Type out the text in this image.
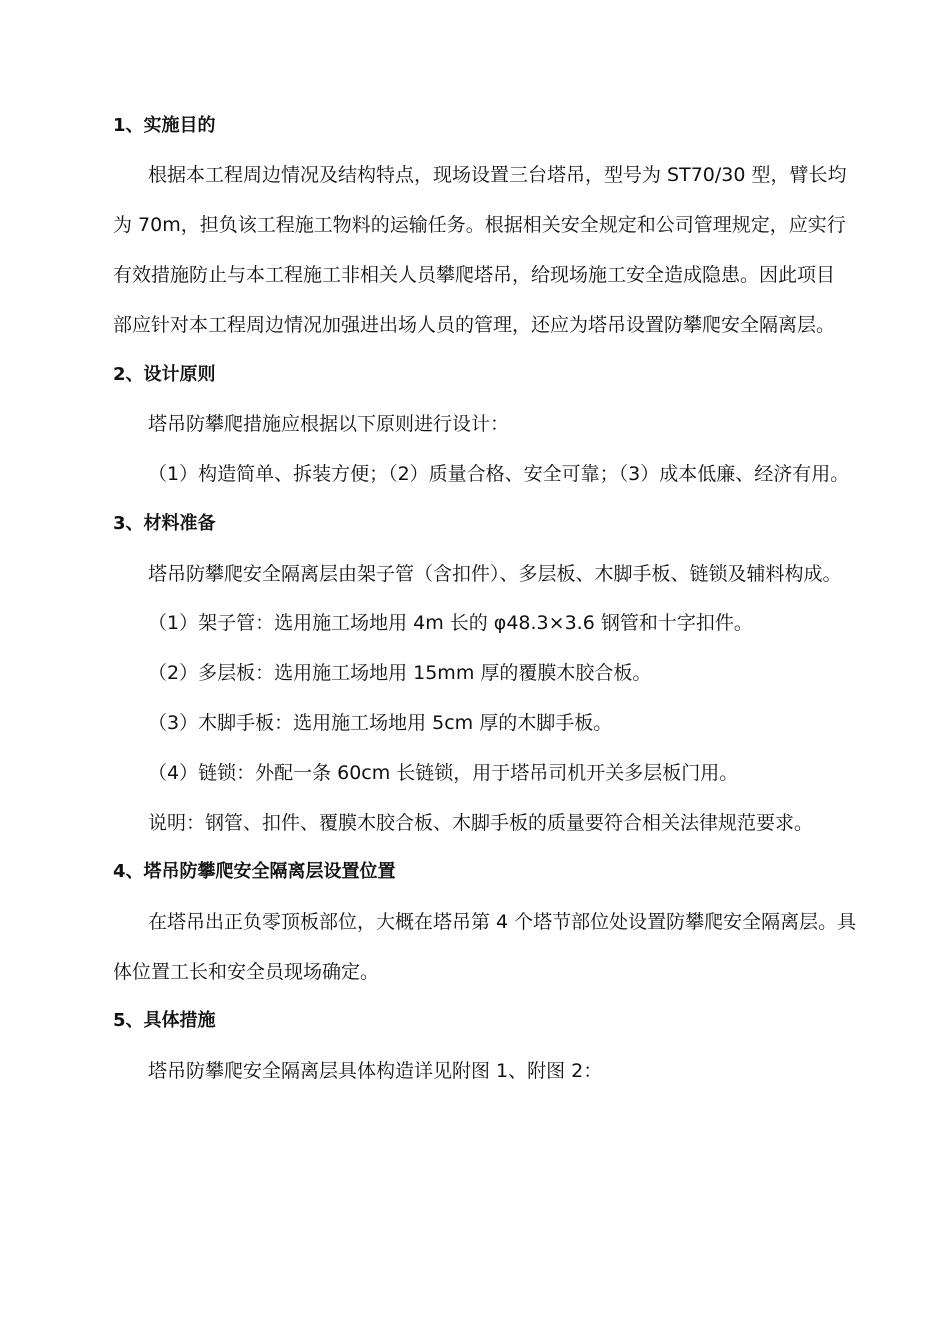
1、实施目的
根据本工程周边情况及结构特点，现场设置三台塔吊，型号为 ST70/30 型，臂长均
为 70m，担负该工程施工物料的运输任务。根据相关安全规定和公司管理规定，应实行
有效措施防止与本工程施工非相关人员攀爬塔吊，给现场施工安全造成隐患。因此项目
部应针对本工程周边情况加强进出场人员的管理，还应为塔吊设置防攀爬安全隔离层。
2、设计原则
塔吊防攀爬措施应根据以下原则进行设计：
（1）构造简单、拆装方便；（2）质量合格、安全可靠；（3）成本低廉、经济有用。
3、材料准备
塔吊防攀爬安全隔离层由架子管（含扣件）、多层板、木脚手板、链锁及辅料构成。
（1）架子管：选用施工场地用 4m 长的 φ48.3×3.6 钢管和十字扣件。
（2）多层板：选用施工场地用 15mm 厚的覆膜木胶合板。
（3）木脚手板：选用施工场地用 5cm 厚的木脚手板。
（4）链锁：外配一条 60cm 长链锁，用于塔吊司机开关多层板门用。
说明：钢管、扣件、覆膜木胶合板、木脚手板的质量要符合相关法律规范要求。
4、塔吊防攀爬安全隔离层设置位置
在塔吊出正负零顶板部位，大概在塔吊第 4 个塔节部位处设置防攀爬安全隔离层。具
体位置工长和安全员现场确定。
5、具体措施
塔吊防攀爬安全隔离层具体构造详见附图 1、附图 2：
